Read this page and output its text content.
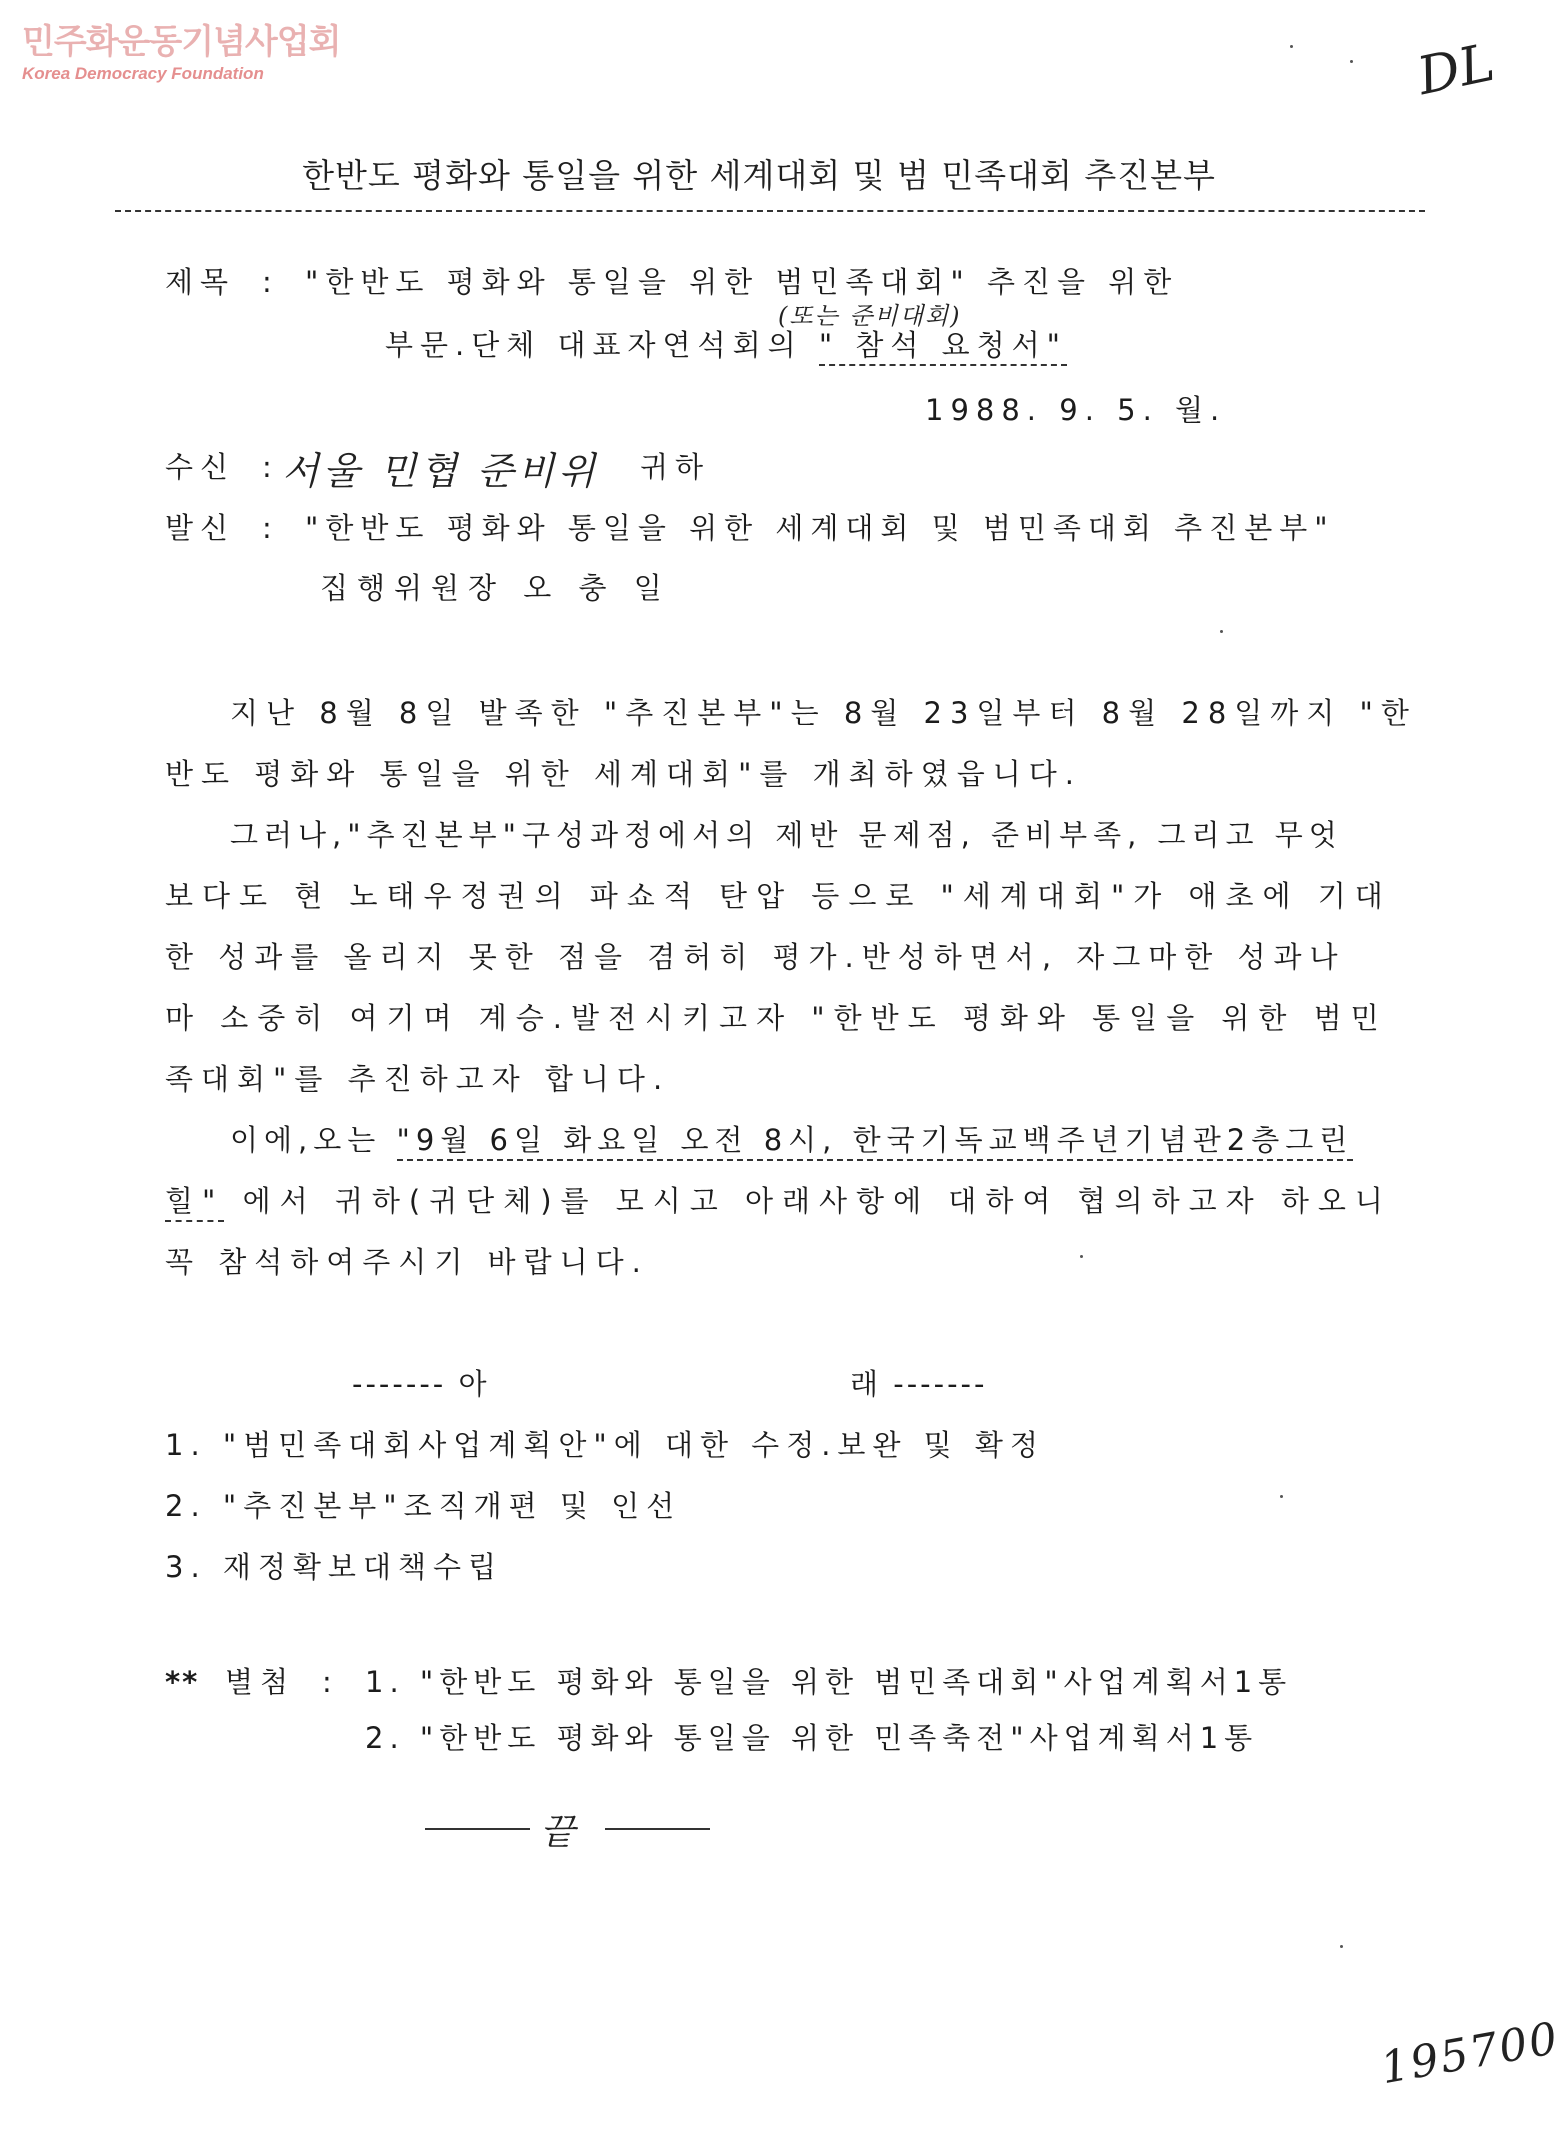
민주화운동기념사업회
Korea Democracy Foundation	DL
한반도 평화와 통일을 위한 세계대회 및 범 민족대회 추진본부
제목 : "한반도 평화와 통일을 위한 범민족대회" 추진을 위한
(또는 준비대회)
부문.단체 대표자연석회의 " 참석 요청서"
1988. 9. 5. 월.
수신 : 서울 민협 준비위 귀하
발신 : "한반도 평화와 통일을 위한 세계대회 및 범민족대회 추진본부"
집행위원장 오 충 일
지난 8월 8일 발족한 "추진본부"는 8월 23일부터 8월 28일까지 "한
반도 평화와 통일을 위한 세계대회"를 개최하였읍니다.
그러나,"추진본부"구성과정에서의 제반 문제점, 준비부족, 그리고 무엇
보다도 현 노태우정권의 파쇼적 탄압 등으로 "세계대회"가 애초에 기대
한 성과를 올리지 못한 점을 겸허히 평가.반성하면서, 자그마한 성과나
마 소중히 여기며 계승.발전시키고자 "한반도 평화와 통일을 위한 범민
족대회"를 추진하고자 합니다.
이에,오는 "9월 6일 화요일 오전 8시, 한국기독교백주년기념관2층그린
힐" 에서 귀하(귀단체)를 모시고 아래사항에 대하여 협의하고자 하오니
꼭 참석하여주시기 바랍니다.
------- 아	래 -------
1. "범민족대회사업계획안"에 대한 수정.보완 및 확정
2. "추진본부"조직개편 및 인선
3. 재정확보대책수립
** 별첨 : 1. "한반도 평화와 통일을 위한 범민족대회"사업계획서1통
2. "한반도 평화와 통일을 위한 민족축전"사업계획서1통
끝
195700
